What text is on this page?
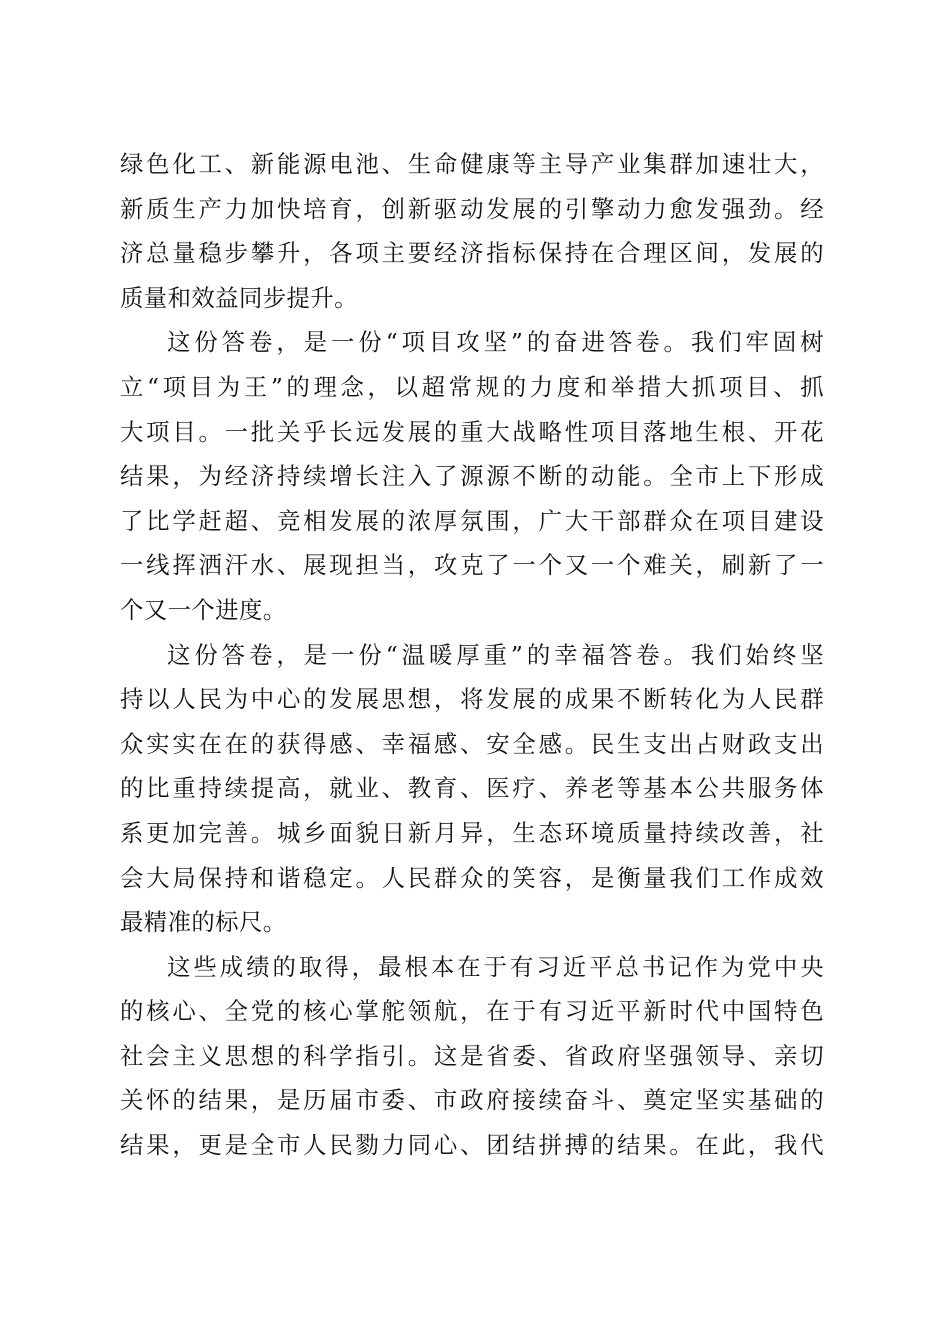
绿色化工、新能源电池、生命健康等主导产业集群加速壮大，
新质生产力加快培育，创新驱动发展的引擎动力愈发强劲。经
济总量稳步攀升，各项主要经济指标保持在合理区间，发展的
质量和效益同步提升。

这份答卷，是一份“项目攻坚”的奋进答卷。我们牢固树
立“项目为王”的理念，以超常规的力度和举措大抓项目、抓
大项目。一批关乎长远发展的重大战略性项目落地生根、开花
结果，为经济持续增长注入了源源不断的动能。全市上下形成
了比学赶超、竞相发展的浓厚氛围，广大干部群众在项目建设
一线挥洒汗水、展现担当，攻克了一个又一个难关，刷新了一
个又一个进度。

这份答卷，是一份“温暖厚重”的幸福答卷。我们始终坚
持以人民为中心的发展思想，将发展的成果不断转化为人民群
众实实在在的获得感、幸福感、安全感。民生支出占财政支出
的比重持续提高，就业、教育、医疗、养老等基本公共服务体
系更加完善。城乡面貌日新月异，生态环境质量持续改善，社
会大局保持和谐稳定。人民群众的笑容，是衡量我们工作成效
最精准的标尺。

这些成绩的取得，最根本在于有习近平总书记作为党中央
的核心、全党的核心掌舵领航，在于有习近平新时代中国特色
社会主义思想的科学指引。这是省委、省政府坚强领导、亲切
关怀的结果，是历届市委、市政府接续奋斗、奠定坚实基础的
结果，更是全市人民勠力同心、团结拼搏的结果。在此，我代
